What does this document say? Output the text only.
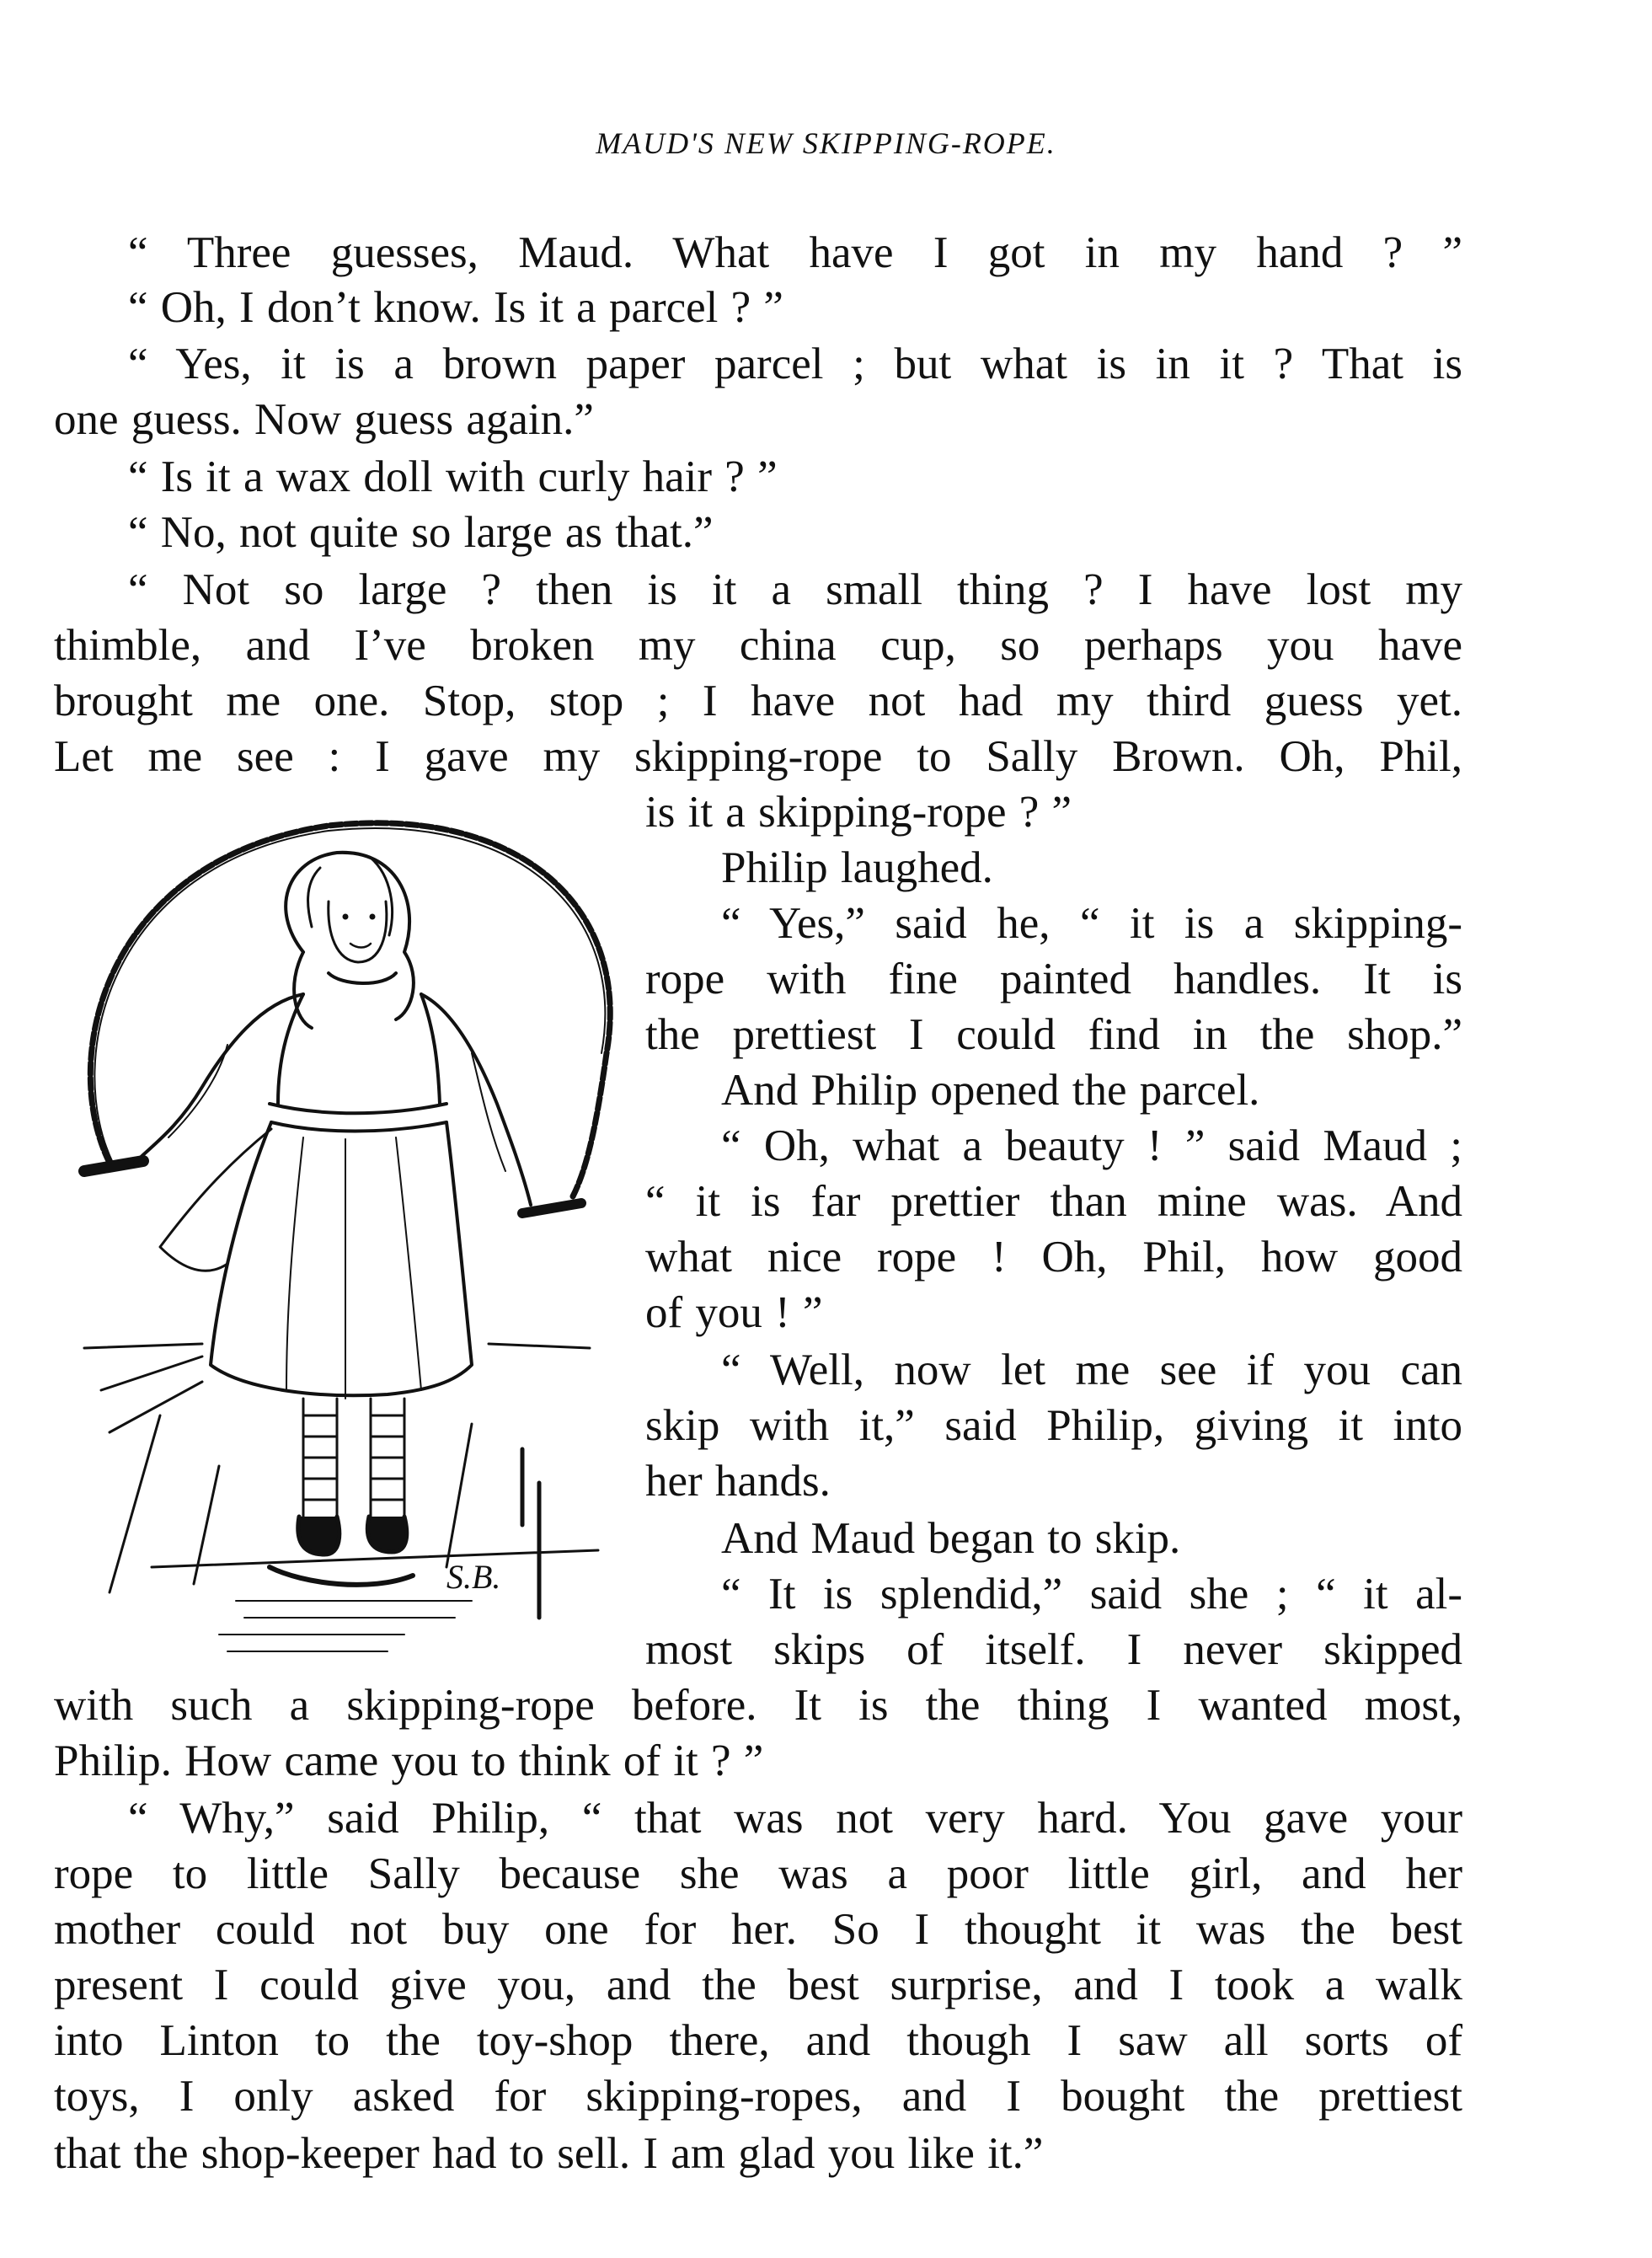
MAUD'S NEW SKIPPING-ROPE.
“ Three guesses, Maud. What have I got in my hand ? ”
“ Oh, I don’t know. Is it a parcel ? ”
“ Yes, it is a brown paper parcel ; but what is in it ? That is
one guess. Now guess again.”
“ Is it a wax doll with curly hair ? ”
“ No, not quite so large as that.”
“ Not so large ? then is it a small thing ? I have lost my
thimble, and I’ve broken my china cup, so perhaps you have
brought me one. Stop, stop ; I have not had my third guess yet.
Let me see : I gave my skipping-rope to Sally Brown. Oh, Phil,
is it a skipping-rope ? ”
Philip laughed.
“ Yes,” said he, “ it is a skipping-
rope with fine painted handles. It is
the prettiest I could find in the shop.”
And Philip opened the parcel.
“ Oh, what a beauty ! ” said Maud ;
“ it is far prettier than mine was. And
what nice rope ! Oh, Phil, how good
of you ! ”
“ Well, now let me see if you can
skip with it,” said Philip, giving it into
her hands.
And Maud began to skip.
“ It is splendid,” said she ; “ it al-
most skips of itself. I never skipped
with such a skipping-rope before. It is the thing I wanted most,
Philip. How came you to think of it ? ”
“ Why,” said Philip, “ that was not very hard. You gave your
rope to little Sally because she was a poor little girl, and her
mother could not buy one for her. So I thought it was the best
present I could give you, and the best surprise, and I took a walk
into Linton to the toy-shop there, and though I saw all sorts of
toys, I only asked for skipping-ropes, and I bought the prettiest
that the shop-keeper had to sell. I am glad you like it.”
S.B.
